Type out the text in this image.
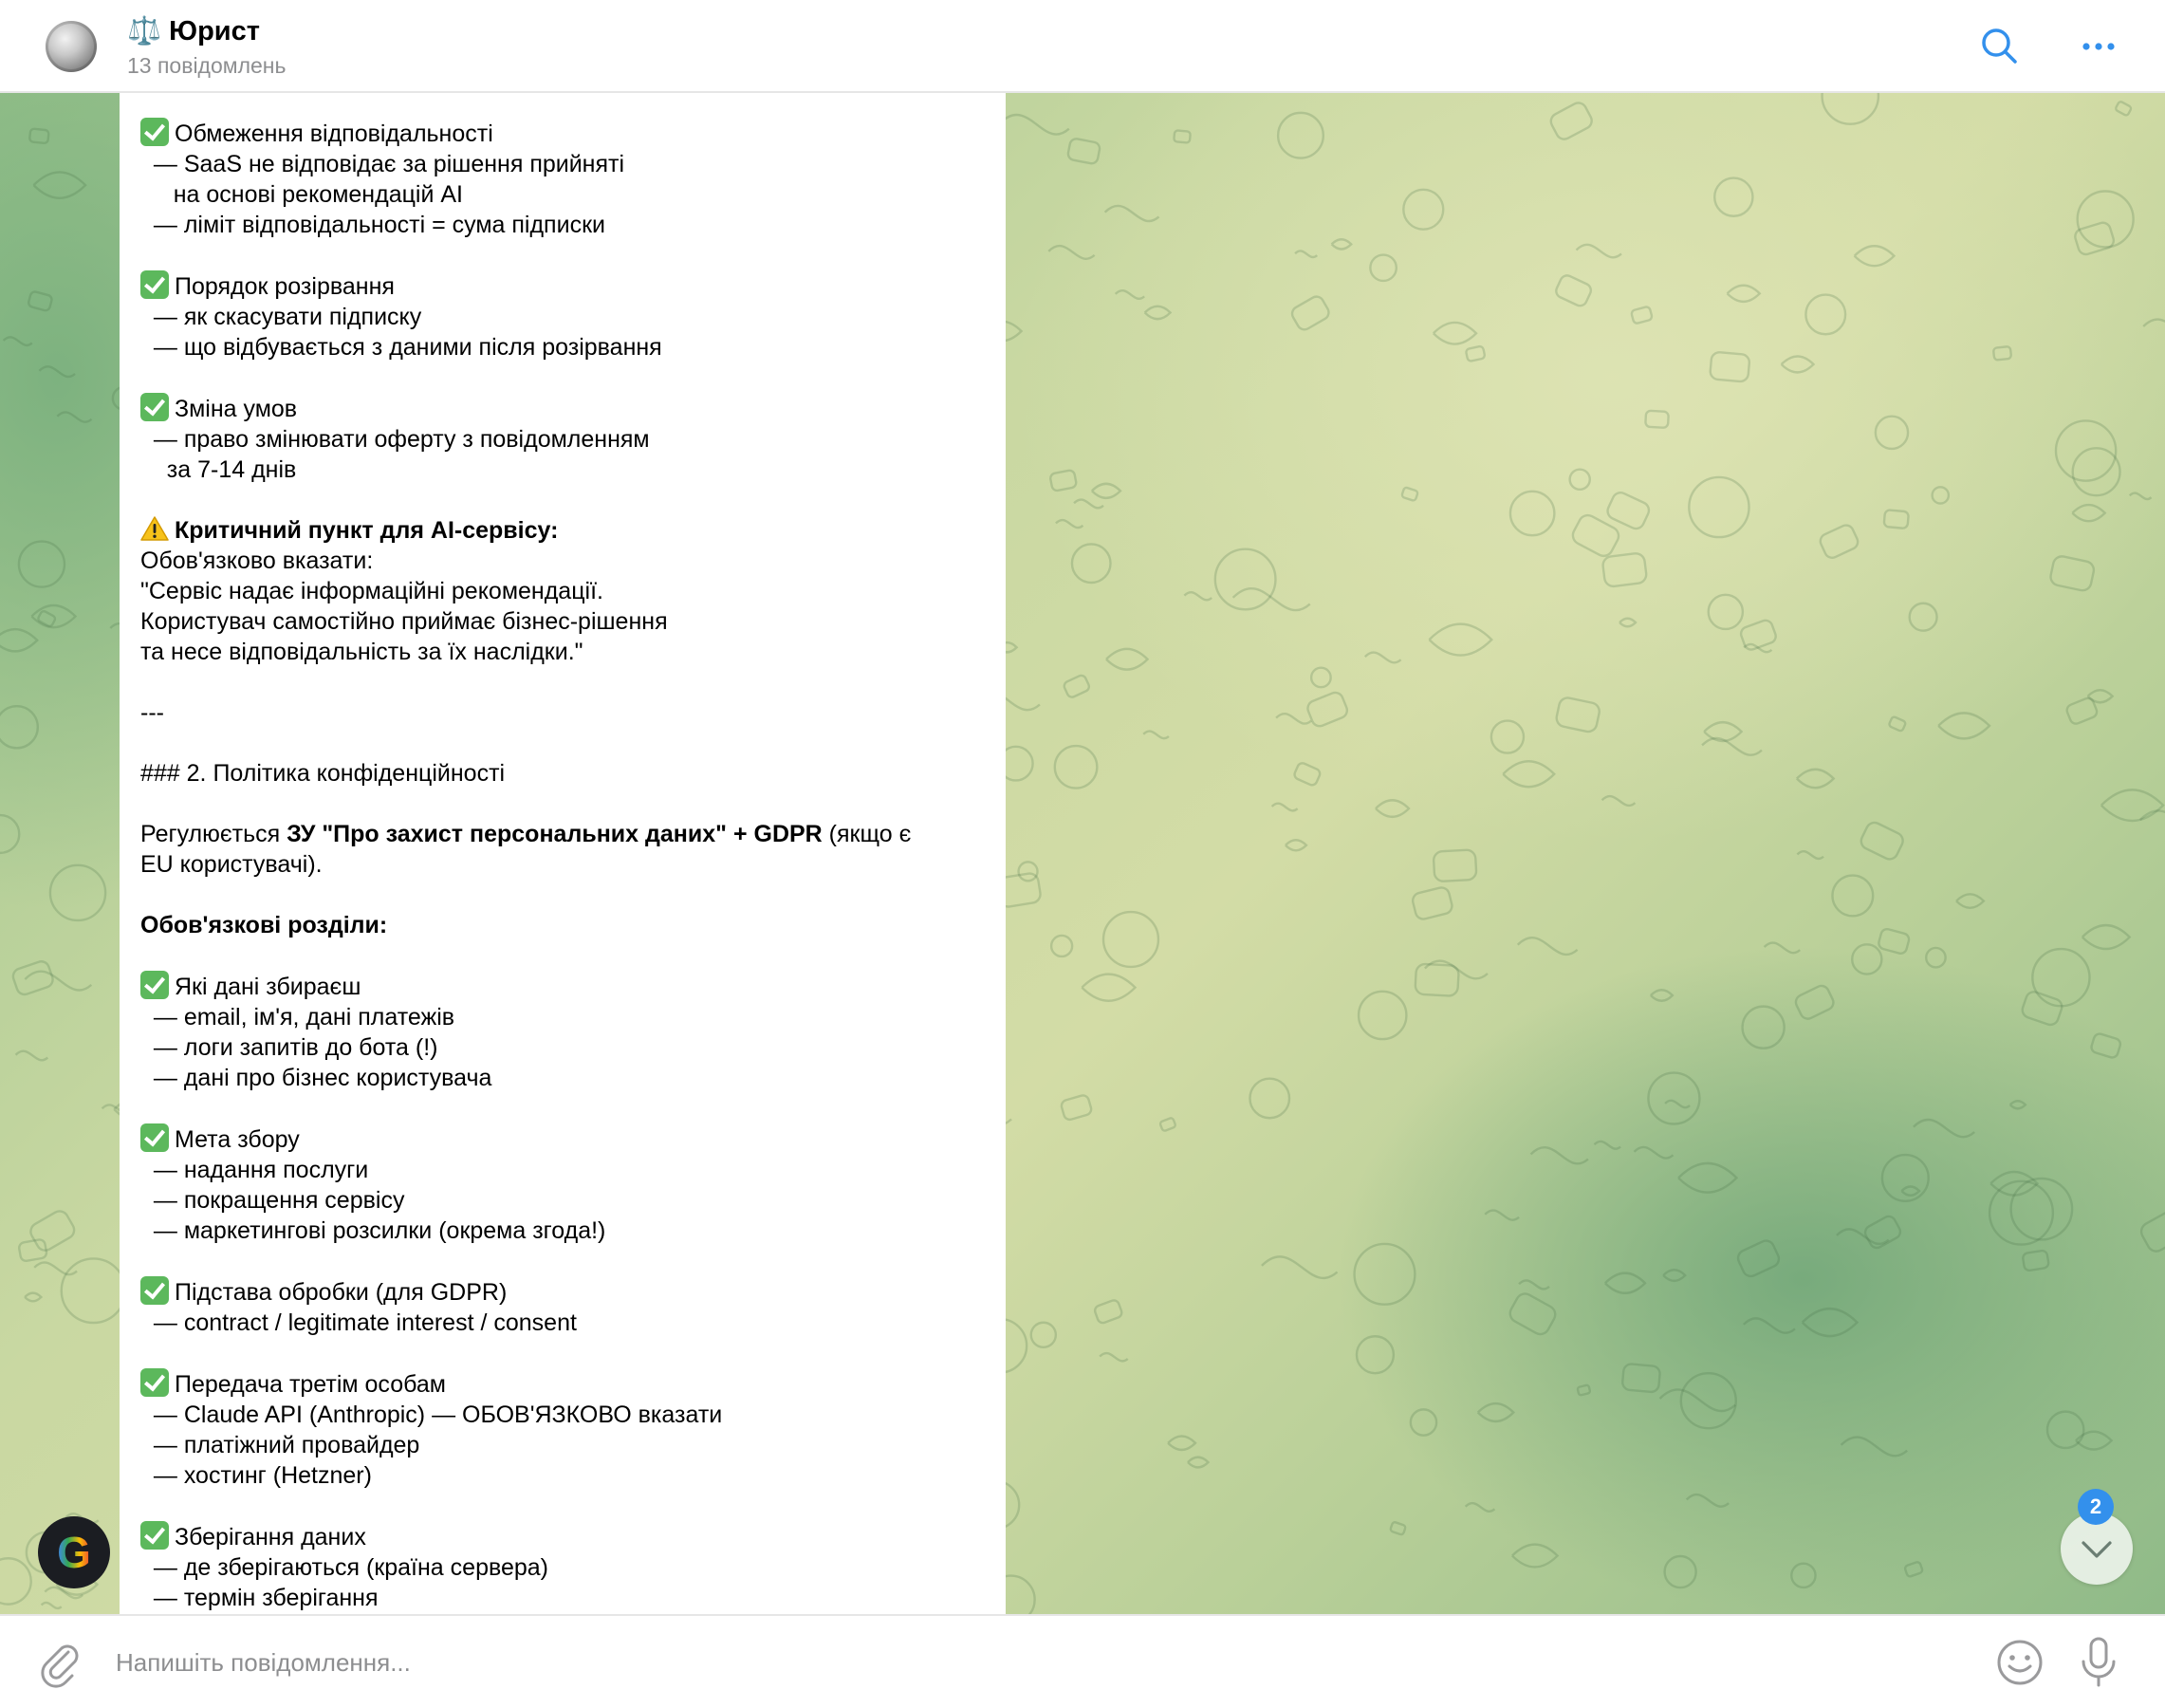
⚖️ Юрист
13 повідомлень
Обмеження відповідальності
— SaaS не відповідає за рішення прийняті
на основі рекомендацій AI
— ліміт відповідальності = сума підписки
Порядок розірвання
— як скасувати підписку
— що відбувається з даними після розірвання
Зміна умов
— право змінювати оферту з повідомленням
за 7-14 днів
Критичний пункт для AI-сервісу:
Обов'язково вказати:
"Сервіс надає інформаційні рекомендації.
Користувач самостійно приймає бізнес-рішення
та несе відповідальність за їх наслідки."
---
### 2. Політика конфіденційності
Регулюється ЗУ "Про захист персональних даних" + GDPR (якщо є
EU користувачі).
Обов'язкові розділи:
Які дані збираєш
— email, ім'я, дані платежів
— логи запитів до бота (!)
— дані про бізнес користувача
Мета збору
— надання послуги
— покращення сервісу
— маркетингові розсилки (окрема згода!)
Підстава обробки (для GDPR)
— contract / legitimate interest / consent
Передача третім особам
— Claude API (Anthropic) — ОБОВ'ЯЗКОВО вказати
— платіжний провайдер
— хостинг (Hetzner)
Зберігання даних
— де зберігаються (країна сервера)
— термін зберігання
G
2
Напишіть повідомлення...
